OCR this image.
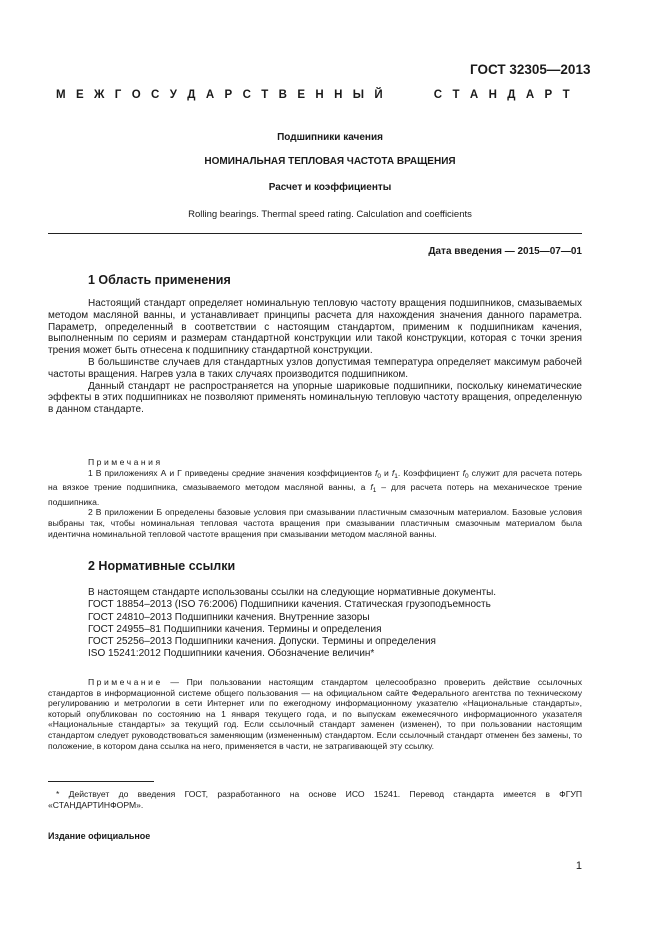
ГОСТ 32305—2013
М Е Ж Г О С У Д А Р С Т В Е Н Н Ы Й

	С Т А Н Д А Р Т
Подшипники качения
НОМИНАЛЬНАЯ ТЕПЛОВАЯ ЧАСТОТА ВРАЩЕНИЯ
Расчет и коэффициенты
Rolling bearings. Thermal speed rating. Calculation and coefficients
Дата введения — 2015—07—01
1 Область применения

Настоящий стандарт определяет номинальную тепловую частоту вращения подшипников, смазываемых методом масляной ванны, и устанавливает принципы расчета для нахождения значения данного параметра. Параметр, определенный в соответствии с настоящим стандартом, применим к подшипникам качения, выполненным по сериям и размерам стандартной конструкции или такой конструкции, которая с точки зрения трения может быть отнесена к подшипнику стандартной конструкции.

В большинстве случаев для стандартных узлов допустимая температура определяет максимум рабочей частоты вращения. Нагрев узла в таких случаях производится подшипником.

Данный стандарт не распространяется на упорные шариковые подшипники, поскольку кинематические эффекты в этих подшипниках не позволяют применять номинальную тепловую частоту вращения, определенную в данном стандарте.

Примечания

1 В приложениях А и Г приведены средние значения коэффициентов $f_0$ и $f_1$. Коэффициент $f_0$ служит для расчета потерь на вязкое трение подшипника, смазываемого методом масляной ванны, а $f_1$ – для расчета потерь на механическое трение подшипника.

2 В приложении Б определены базовые условия при смазывании пластичным смазочным материалом. Базовые условия выбраны так, чтобы номинальная тепловая частота вращения при смазывании пластичным смазочным материалом была идентична номинальной тепловой частоте вращения при смазывании методом масляной ванны.

2 Нормативные ссылки
В настоящем стандарте использованы ссылки на следующие нормативные документы.
ГОСТ 18854–2013 (ISO 76:2006) Подшипники качения. Статическая грузоподъемность
ГОСТ 24810–2013 Подшипники качения. Внутренние зазоры
ГОСТ 24955–81 Подшипники качения. Термины и определения
ГОСТ 25256–2013 Подшипники качения. Допуски. Термины и определения
ISO 15241:2012 Подшипники качения. Обозначение величин*

Примечание — При пользовании настоящим стандартом целесообразно проверить действие ссылочных стандартов в информационной системе общего пользования — на официальном сайте Федерального агентства по техническому регулированию и метрологии в сети Интернет или по ежегодному информационному указателю «Национальные стандарты», который опубликован по состоянию на 1 января текущего года, и по выпускам ежемесячного информационного указателя «Национальные стандарты» за текущий год. Если ссылочный стандарт заменен (изменен), то при пользовании настоящим стандартом следует руководствоваться заменяющим (измененным) стандартом. Если ссылочный стандарт отменен без замены, то положение, в котором дана ссылка на него, применяется в части, не затрагивающей эту ссылку.

* Действует до введения ГОСТ, разработанного на основе ИСО 15241. Перевод стандарта имеется в ФГУП «СТАНДАРТИНФОРМ».

Издание официальное
1
